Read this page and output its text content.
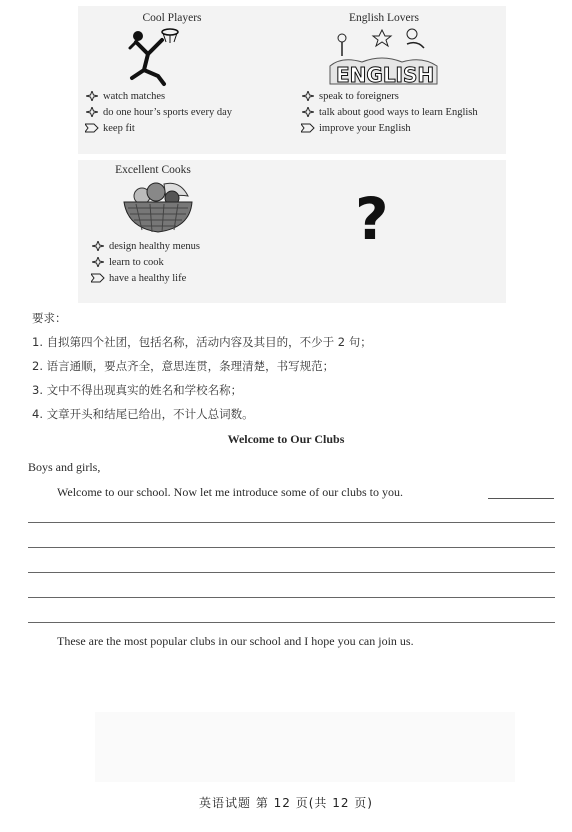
Cool Players
watch matches
do one hour’s sports every day
keep fit
English Lovers
ENGLISH
speak to foreigners
talk about good ways to learn English
improve your English
Excellent Cooks
design healthy menus
learn to cook
have a healthy life
?
要求：
1. 自拟第四个社团，包括名称，活动内容及其目的，不少于 2 句；
2. 语言通顺，要点齐全，意思连贯，条理清楚，书写规范；
3. 文中不得出现真实的姓名和学校名称；
4. 文章开头和结尾已给出，不计人总词数。
Welcome to Our Clubs
Boys and girls,
Welcome to our school. Now let me introduce some of our clubs to you.
These are the most popular clubs in our school and I hope you can join us.
英语试题 第 12 页(共 12 页)
